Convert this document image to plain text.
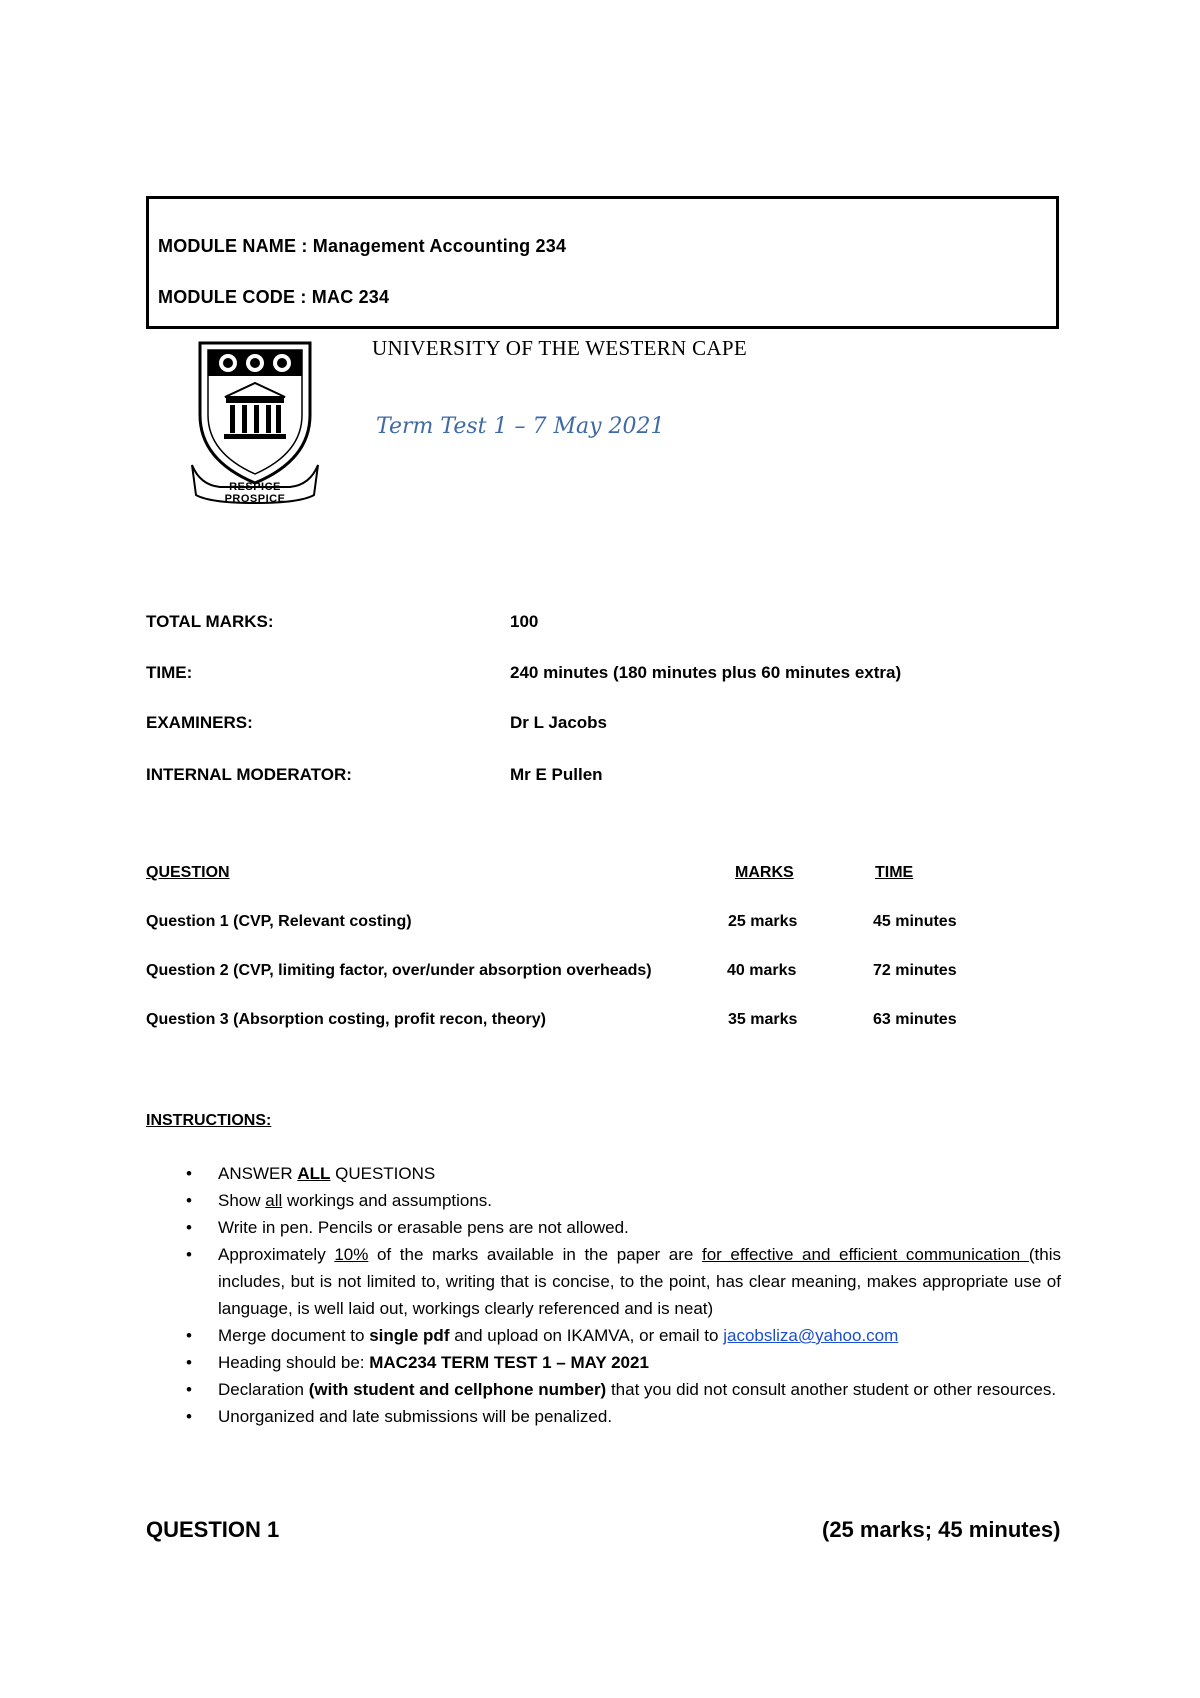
MODULE NAME : Management Accounting 234
MODULE CODE : MAC 234
RESPICE PROSPICE
UNIVERSITY OF THE WESTERN CAPE
Term Test 1 – 7 May 2021
TOTAL MARKS:	100
TIME:	240 minutes (180 minutes plus 60 minutes extra)
EXAMINERS:	Dr L Jacobs
INTERNAL MODERATOR:	Mr E Pullen
QUESTION	MARKS	TIME
Question 1 (CVP, Relevant costing)	25 marks	45 minutes
Question 2 (CVP, limiting factor, over/under absorption overheads)	40 marks	72 minutes
Question 3 (Absorption costing, profit recon, theory)	35 marks	63 minutes
INSTRUCTIONS:
• ANSWER ALL QUESTIONS
• Show all workings and assumptions.
• Write in pen. Pencils or erasable pens are not allowed.
• Approximately 10% of the marks available in the paper are for effective and efficient communication (this includes, but is not limited to, writing that is concise, to the point, has clear meaning, makes appropriate use of language, is well laid out, workings clearly referenced and is neat)
• Merge document to single pdf and upload on IKAMVA, or email to jacobsliza@yahoo.com
• Heading should be: MAC234 TERM TEST 1 – MAY 2021
• Declaration (with student and cellphone number) that you did not consult another student or other resources.
• Unorganized and late submissions will be penalized.
QUESTION 1	(25 marks; 45 minutes)
